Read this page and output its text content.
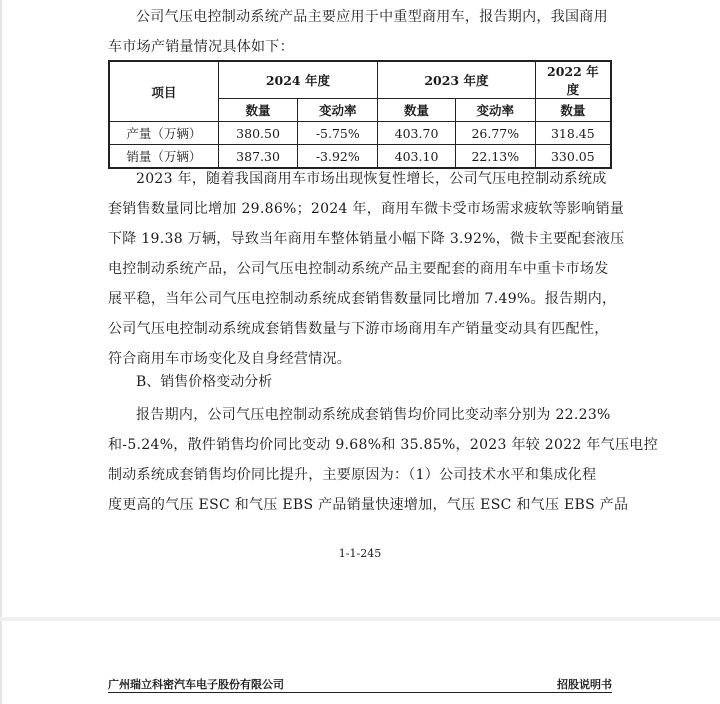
公司气压电控制动系统产品主要应用于中重型商用车，报告期内，我国商用
车市场产销量情况具体如下：

项目	2024 年度		2023 年度		2022 年度
	数量	变动率	数量	变动率	数量
产量（万辆）	380.50	-5.75%	403.70	26.77%	318.45
销量（万辆）	387.30	-3.92%	403.10	22.13%	330.05

2023 年，随着我国商用车市场出现恢复性增长，公司气压电控制动系统成
套销售数量同比增加 29.86%；2024 年，商用车微卡受市场需求疲软等影响销量
下降 19.38 万辆，导致当年商用车整体销量小幅下降 3.92%，微卡主要配套液压
电控制动系统产品，公司气压电控制动系统产品主要配套的商用车中重卡市场发
展平稳，当年公司气压电控制动系统成套销售数量同比增加 7.49%。报告期内，
公司气压电控制动系统成套销售数量与下游市场商用车产销量变动具有匹配性，
符合商用车市场变化及自身经营情况。

B、销售价格变动分析

报告期内，公司气压电控制动系统成套销售均价同比变动率分别为 22.23%
和-5.24%，散件销售均价同比变动 9.68%和 35.85%，2023 年较 2022 年气压电控
制动系统成套销售均价同比提升，主要原因为：（1）公司技术水平和集成化程
度更高的气压 ESC 和气压 EBS 产品销量快速增加，气压 ESC 和气压 EBS 产品

1-1-245
广州瑞立科密汽车电子股份有限公司	招股说明书
